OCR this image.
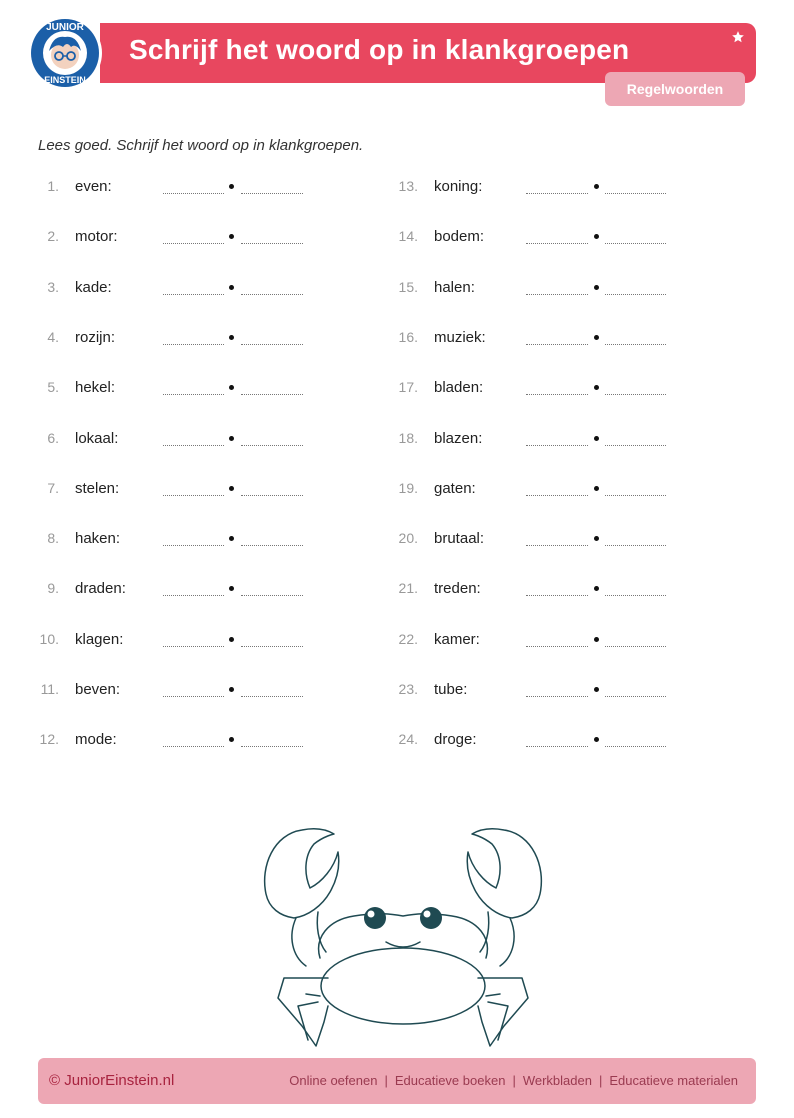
JUNIOR
EINSTEIN
Schrijf het woord op in klankgroepen
Regelwoorden
Lees goed. Schrijf het woord op in klankgroepen.
1. even:
2. motor:
3. kade:
4. rozijn:
5. hekel:
6. lokaal:
7. stelen:
8. haken:
9. draden:
10. klagen:
11. beven:
12. mode:
13. koning:
14. bodem:
15. halen:
16. muziek:
17. bladen:
18. blazen:
19. gaten:
20. brutaal:
21. treden:
22. kamer:
23. tube:
24. droge:
© JuniorEinstein.nl	Online oefenen | Educatieve boeken | Werkbladen | Educatieve materialen
